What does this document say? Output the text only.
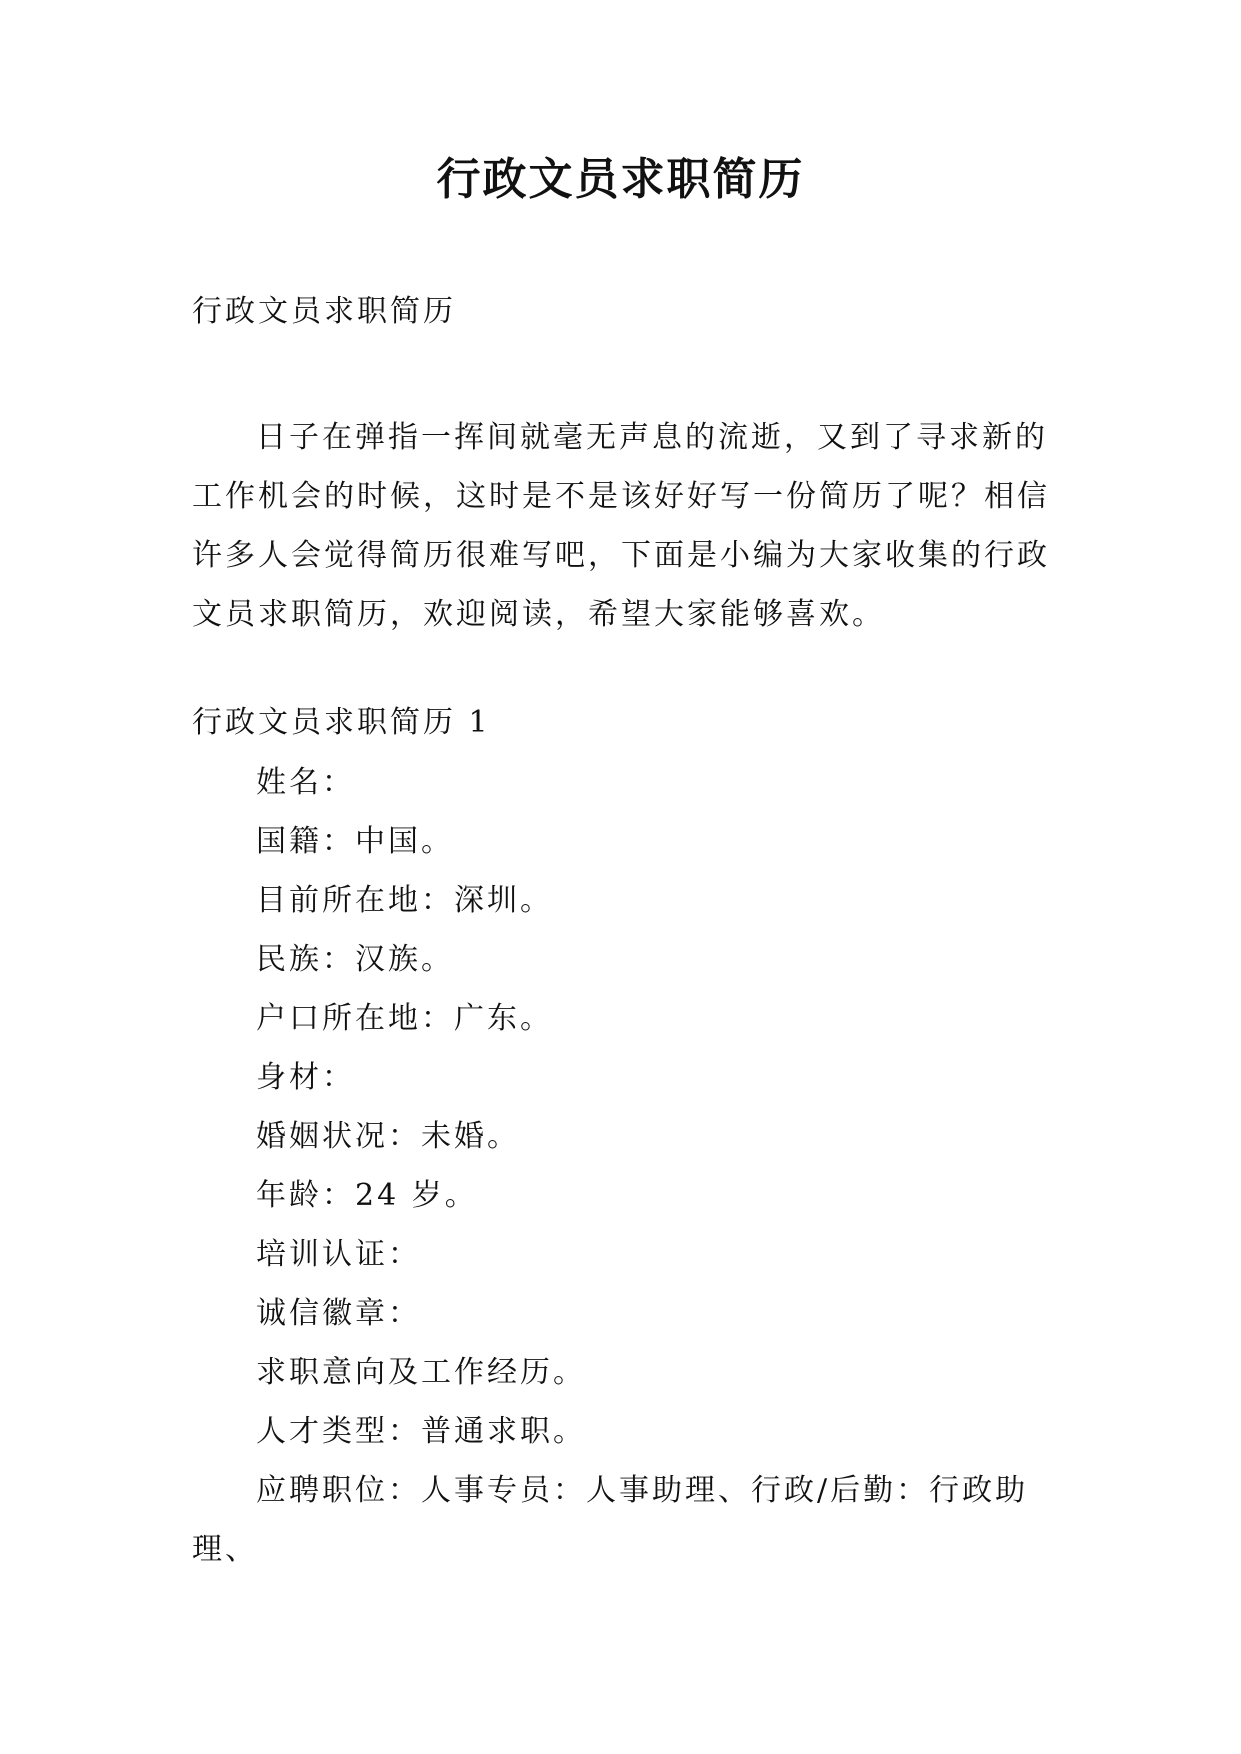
行政文员求职简历
行政文员求职简历

日子在弹指一挥间就毫无声息的流逝，又到了寻求新的工作机会的时候，这时是不是该好好写一份简历了呢？相信许多人会觉得简历很难写吧，下面是小编为大家收集的行政文员求职简历，欢迎阅读，希望大家能够喜欢。

行政文员求职简历 1
姓名：
国籍：中国。
目前所在地：深圳。
民族：汉族。
户口所在地：广东。
身材：
婚姻状况：未婚。
年龄：24 岁。
培训认证：
诚信徽章：
求职意向及工作经历。
人才类型：普通求职。
应聘职位：人事专员：人事助理、行政/后勤：行政助理、
